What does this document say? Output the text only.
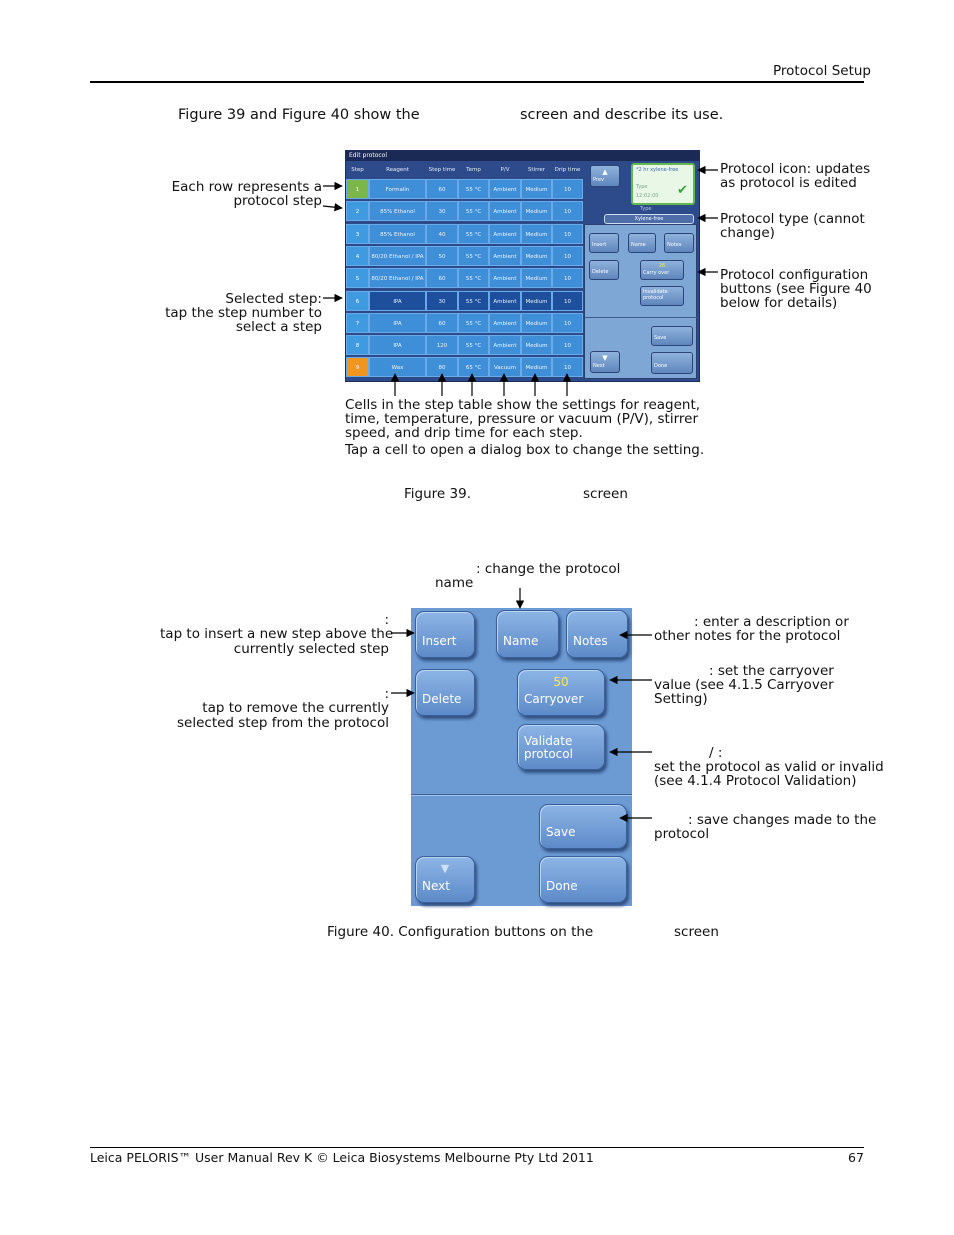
Protocol Setup
Figure 39 and Figure 40 show the	screen and describe its use.
Edit protocol
Step	Reagent	Step time	Temp	P/V	Stirrer	Drip time
1	Formalin	60	55 °C	Ambient	Medium	10
2	85% Ethanol	30	55 °C	Ambient	Medium	10
3	85% Ethanol	40	55 °C	Ambient	Medium	10
4	80/20 Ethanol / IPA	50	55 °C	Ambient	Medium	10
5	80/20 Ethanol / IPA	60	55 °C	Ambient	Medium	10
6	IPA	30	55 °C	Ambient	Medium	10
7	IPA	60	55 °C	Ambient	Medium	10
8	IPA	120	55 °C	Ambient	Medium	10
9	Wax	80	65 °C	Vacuum	Medium	10
▲
Prev
*2 hr xylene-free
Type
12:02:00 ✔
Type
Xylene-free
Insert	Name	Notes
Delete
26
Carry over
Invalidate protocol
Save
Done
▼
Next
Each row represents a
protocol step
Selected step:
tap the step number to
select a step
Protocol icon: updates
as protocol is edited
Protocol type (cannot
change)
Protocol configuration
buttons (see Figure 40
below for details)
Cells in the step table show the settings for reagent,
time, temperature, pressure or vacuum (P/V), stirrer
speed, and drip time for each step.
Tap a cell to open a dialog box to change the setting.
Figure 39.	screen
Insert	Name	Notes
Delete
50
Carryover
Validate protocol
Save
▼
Next	Done
: change the protocol
name
:
tap to insert a new step above the
currently selected step
:
tap to remove the currently
selected step from the protocol
: enter a description or
other notes for the protocol
: set the carryover
value (see 4.1.5 Carryover
Setting)
/ :
set the protocol as valid or invalid
(see 4.1.4 Protocol Validation)
: save changes made to the
protocol
Figure 40. Configuration buttons on the	screen
Leica PELORIS™ User Manual Rev K © Leica Biosystems Melbourne Pty Ltd 2011	67
